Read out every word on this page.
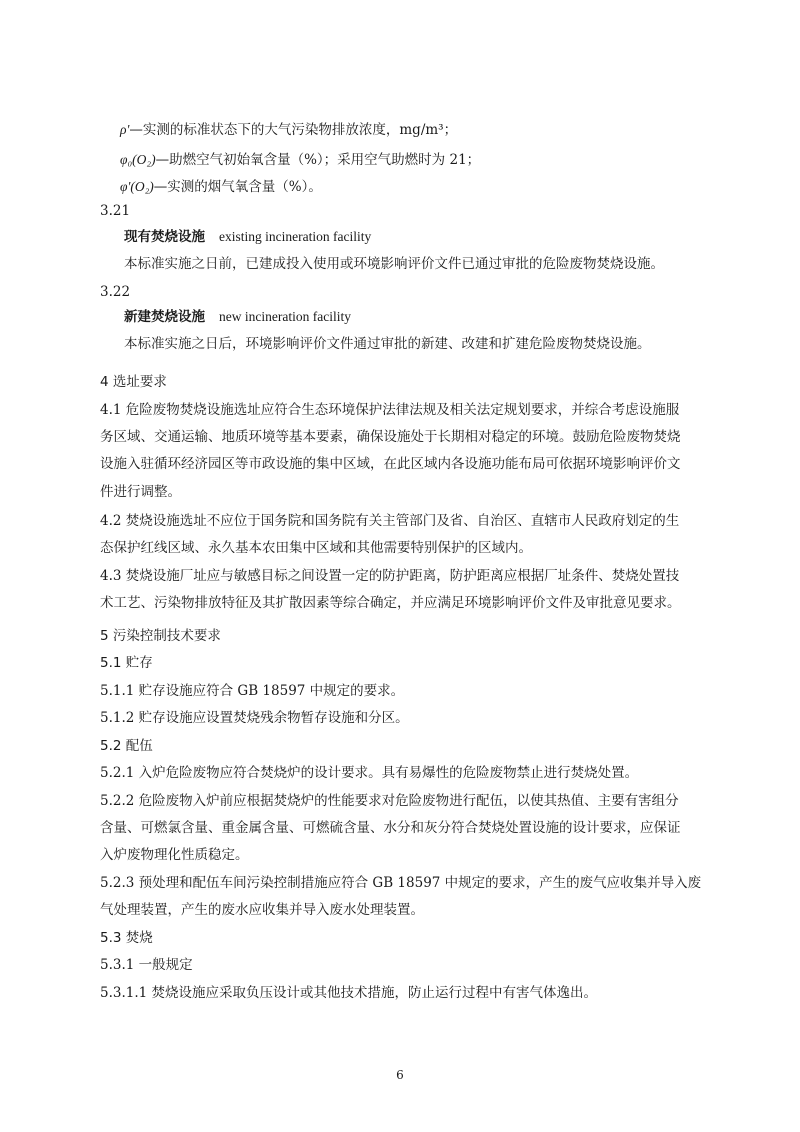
ρ'—实测的标准状态下的大气污染物排放浓度，mg/m³；
φ₀(O₂)—助燃空气初始氧含量（%）；采用空气助燃时为 21；
φ'(O₂)—实测的烟气氧含量（%）。
3.21
现有焚烧设施 existing incineration facility
本标准实施之日前，已建成投入使用或环境影响评价文件已通过审批的危险废物焚烧设施。
3.22
新建焚烧设施 new incineration facility
本标准实施之日后，环境影响评价文件通过审批的新建、改建和扩建危险废物焚烧设施。
4 选址要求
4.1 危险废物焚烧设施选址应符合生态环境保护法律法规及相关法定规划要求，并综合考虑设施服
务区域、交通运输、地质环境等基本要素，确保设施处于长期相对稳定的环境。鼓励危险废物焚烧
设施入驻循环经济园区等市政设施的集中区域，在此区域内各设施功能布局可依据环境影响评价文
件进行调整。
4.2 焚烧设施选址不应位于国务院和国务院有关主管部门及省、自治区、直辖市人民政府划定的生
态保护红线区域、永久基本农田集中区域和其他需要特别保护的区域内。
4.3 焚烧设施厂址应与敏感目标之间设置一定的防护距离，防护距离应根据厂址条件、焚烧处置技
术工艺、污染物排放特征及其扩散因素等综合确定，并应满足环境影响评价文件及审批意见要求。
5 污染控制技术要求
5.1 贮存
5.1.1 贮存设施应符合 GB 18597 中规定的要求。
5.1.2 贮存设施应设置焚烧残余物暂存设施和分区。
5.2 配伍
5.2.1 入炉危险废物应符合焚烧炉的设计要求。具有易爆性的危险废物禁止进行焚烧处置。
5.2.2 危险废物入炉前应根据焚烧炉的性能要求对危险废物进行配伍，以使其热值、主要有害组分
含量、可燃氯含量、重金属含量、可燃硫含量、水分和灰分符合焚烧处置设施的设计要求，应保证
入炉废物理化性质稳定。
5.2.3 预处理和配伍车间污染控制措施应符合 GB 18597 中规定的要求，产生的废气应收集并导入废
气处理装置，产生的废水应收集并导入废水处理装置。
5.3 焚烧
5.3.1 一般规定
5.3.1.1 焚烧设施应采取负压设计或其他技术措施，防止运行过程中有害气体逸出。
6
